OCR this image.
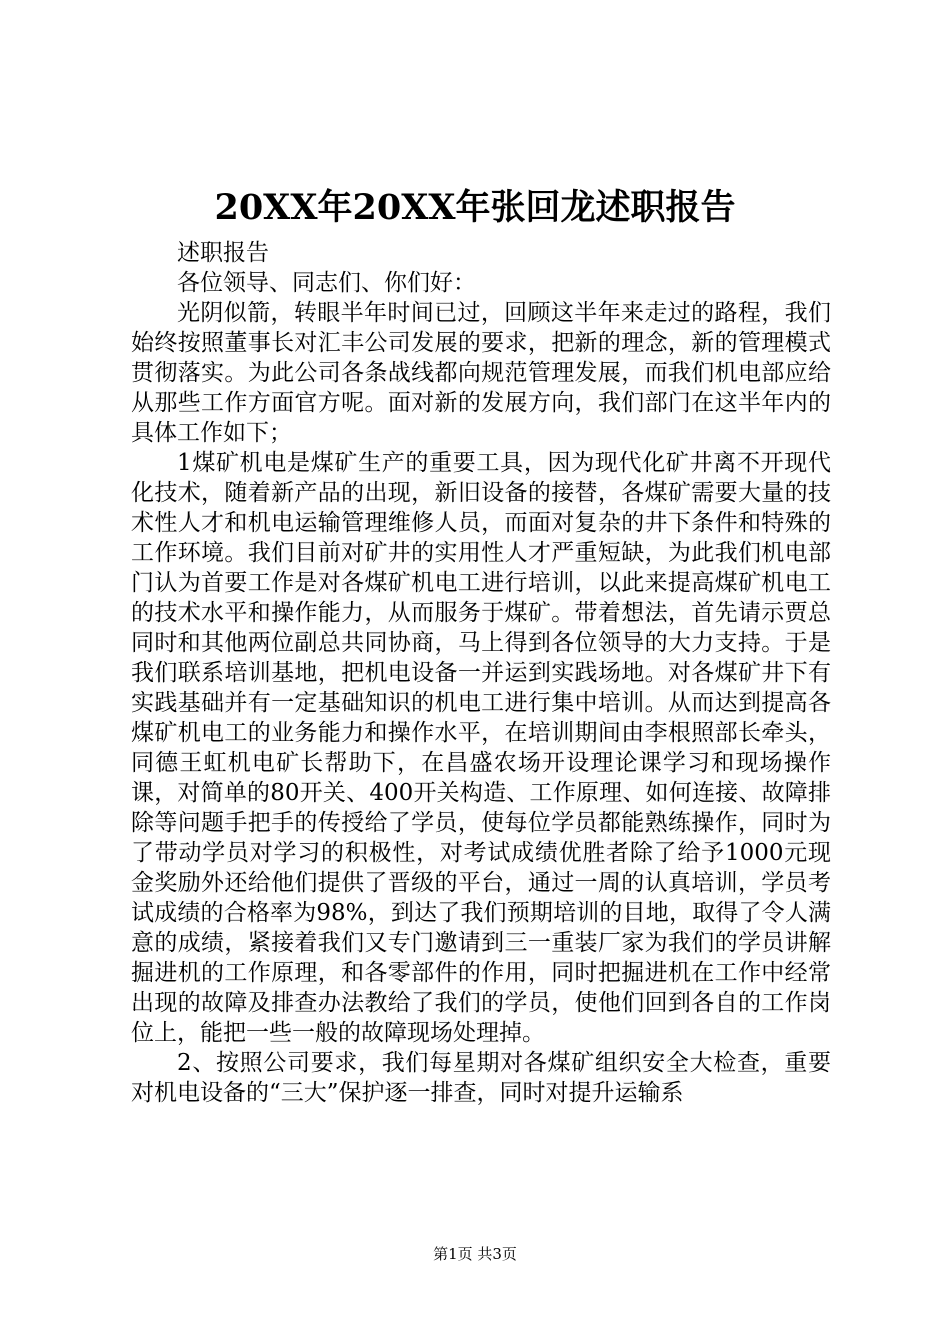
20XX年20XX年张回龙述职报告

述职报告

各位领导、同志们、你们好：

光阴似箭，转眼半年时间已过，回顾这半年来走过的路程，我们始终按照董事长对汇丰公司发展的要求，把新的理念，新的管理模式贯彻落实。为此公司各条战线都向规范管理发展，而我们机电部应给从那些工作方面官方呢。面对新的发展方向，我们部门在这半年内的具体工作如下；

1煤矿机电是煤矿生产的重要工具，因为现代化矿井离不开现代化技术，随着新产品的出现，新旧设备的接替，各煤矿需要大量的技术性人才和机电运输管理维修人员，而面对复杂的井下条件和特殊的工作环境。我们目前对矿井的实用性人才严重短缺，为此我们机电部门认为首要工作是对各煤矿机电工进行培训，以此来提高煤矿机电工的技术水平和操作能力，从而服务于煤矿。带着想法，首先请示贾总同时和其他两位副总共同协商，马上得到各位领导的大力支持。于是我们联系培训基地，把机电设备一并运到实践场地。对各煤矿井下有实践基础并有一定基础知识的机电工进行集中培训。从而达到提高各煤矿机电工的业务能力和操作水平，在培训期间由李根照部长牵头，同德王虹机电矿长帮助下，在昌盛农场开设理论课学习和现场操作课，对简单的80开关、400开关构造、工作原理、如何连接、故障排除等问题手把手的传授给了学员，使每位学员都能熟练操作，同时为了带动学员对学习的积极性，对考试成绩优胜者除了给予1000元现金奖励外还给他们提供了晋级的平台，通过一周的认真培训，学员考试成绩的合格率为98%，到达了我们预期培训的目地，取得了令人满意的成绩，紧接着我们又专门邀请到三一重装厂家为我们的学员讲解掘进机的工作原理，和各零部件的作用，同时把掘进机在工作中经常出现的故障及排查办法教给了我们的学员，使他们回到各自的工作岗位上，能把一些一般的故障现场处理掉。

2、按照公司要求，我们每星期对各煤矿组织安全大检查，重要对机电设备的“三大”保护逐一排查，同时对提升运输系

第1页 共3页
